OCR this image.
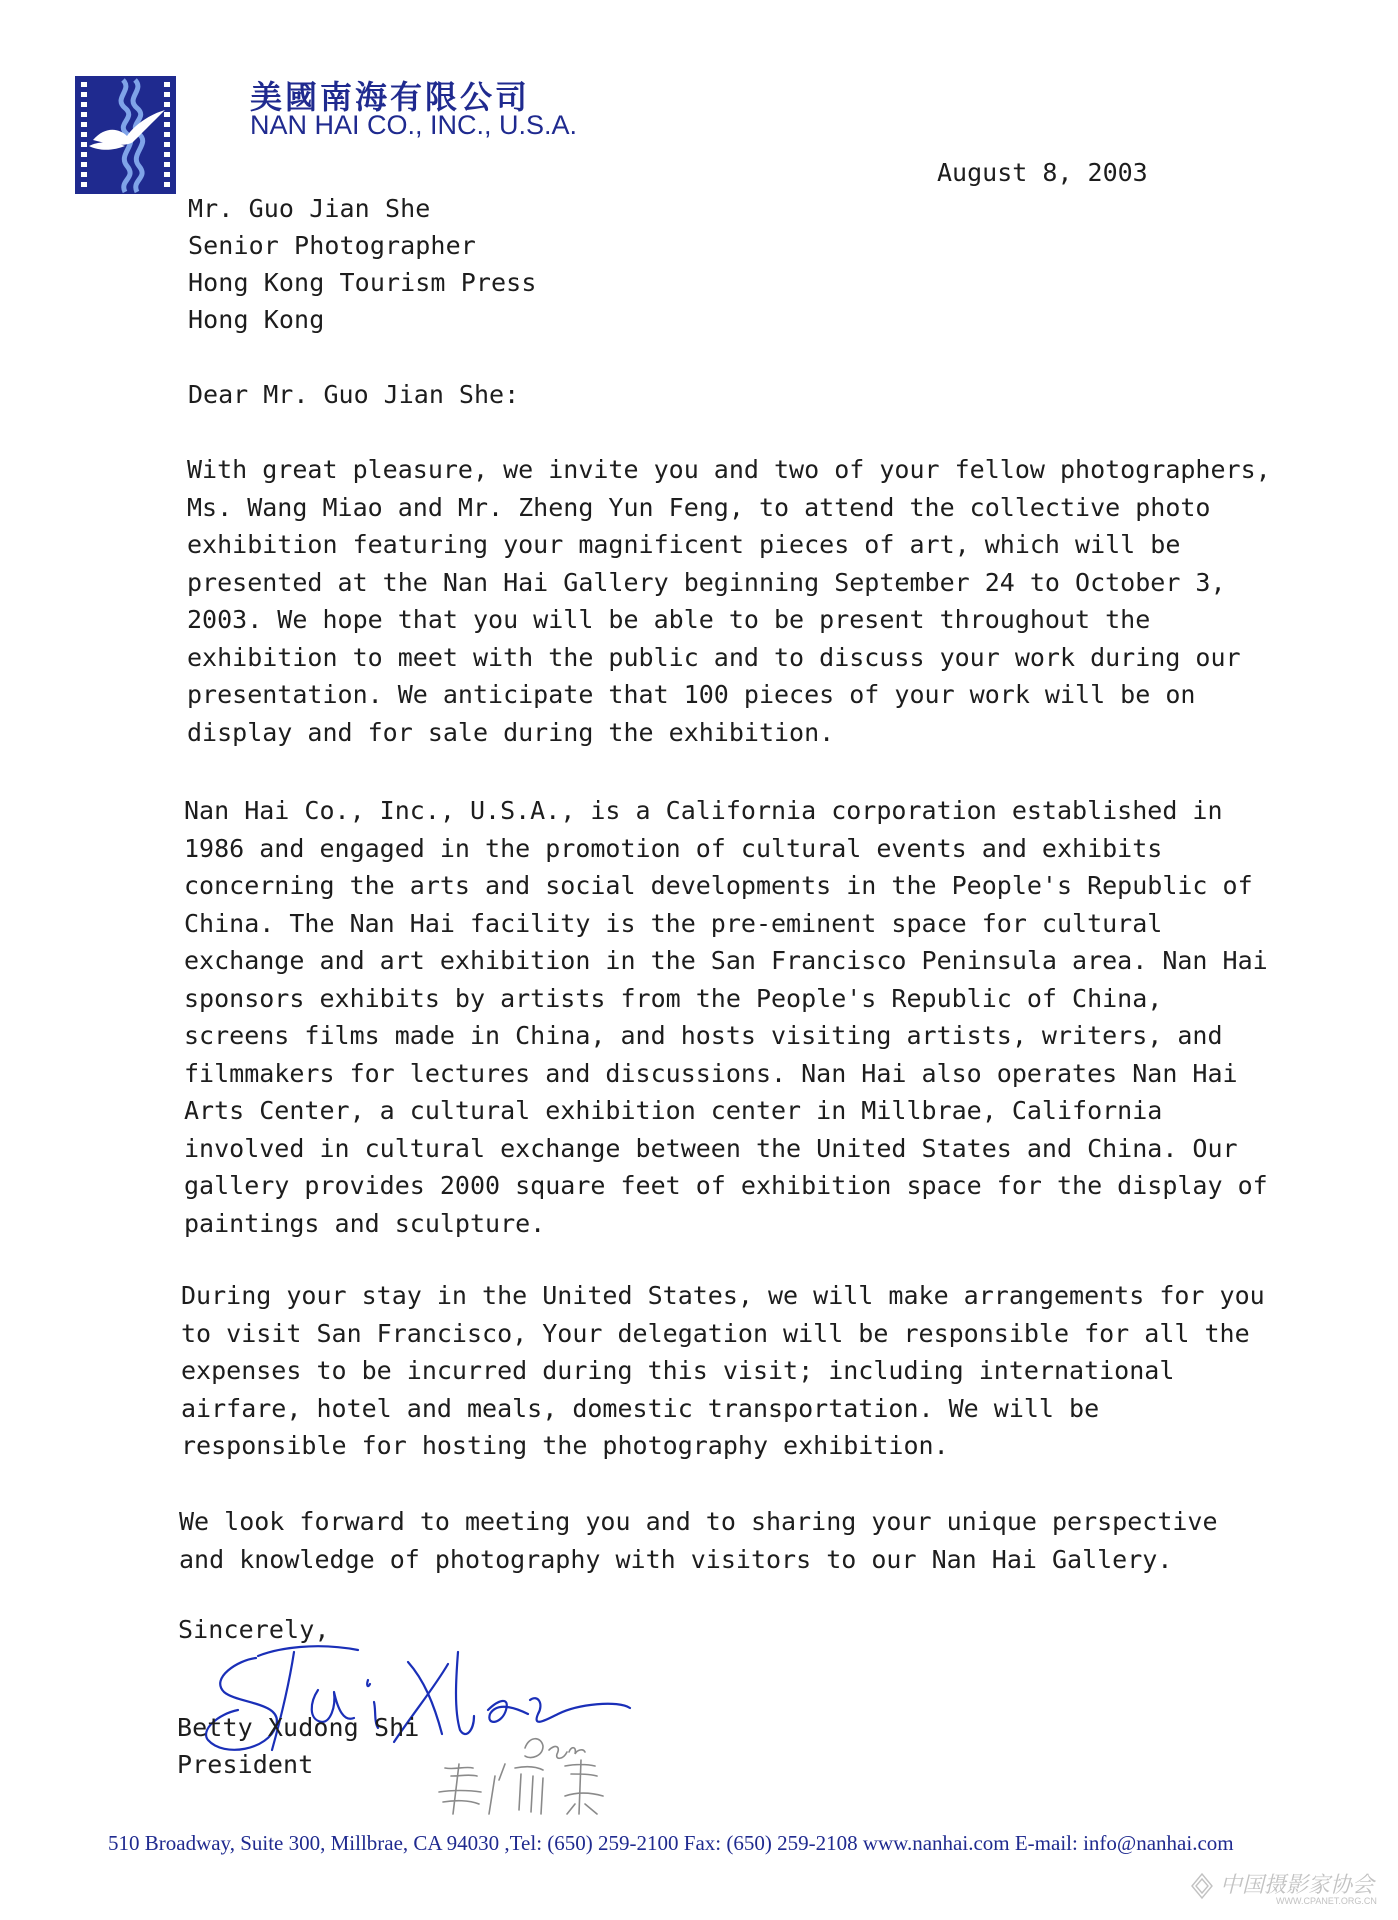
美國南海有限公司
NAN HAI CO., INC., U.S.A.
August 8, 2003
Mr. Guo Jian She
Senior Photographer
Hong Kong Tourism Press
Hong Kong
Dear Mr. Guo Jian She:
With great pleasure, we invite you and two of your fellow photographers,
Ms. Wang Miao and Mr. Zheng Yun Feng, to attend the collective photo
exhibition featuring your magnificent pieces of art, which will be
presented at the Nan Hai Gallery beginning September 24 to October 3,
2003. We hope that you will be able to be present throughout the
exhibition to meet with the public and to discuss your work during our
presentation. We anticipate that 100 pieces of your work will be on
display and for sale during the exhibition.
Nan Hai Co., Inc., U.S.A., is a California corporation established in
1986 and engaged in the promotion of cultural events and exhibits
concerning the arts and social developments in the People's Republic of
China. The Nan Hai facility is the pre-eminent space for cultural
exchange and art exhibition in the San Francisco Peninsula area. Nan Hai
sponsors exhibits by artists from the People's Republic of China,
screens films made in China, and hosts visiting artists, writers, and
filmmakers for lectures and discussions. Nan Hai also operates Nan Hai
Arts Center, a cultural exhibition center in Millbrae, California
involved in cultural exchange between the United States and China. Our
gallery provides 2000 square feet of exhibition space for the display of
paintings and sculpture.
During your stay in the United States, we will make arrangements for you
to visit San Francisco, Your delegation will be responsible for all the
expenses to be incurred during this visit; including international
airfare, hotel and meals, domestic transportation. We will be
responsible for hosting the photography exhibition.
We look forward to meeting you and to sharing your unique perspective
and knowledge of photography with visitors to our Nan Hai Gallery.
Sincerely,
Betty Xudong Shi
President
510 Broadway, Suite 300, Millbrae, CA 94030 ,Tel: (650) 259-2100 Fax: (650) 259-2108 www.nanhai.com E-mail: info@nanhai.com
中国摄影家协会
WWW.CPANET.ORG.CN
